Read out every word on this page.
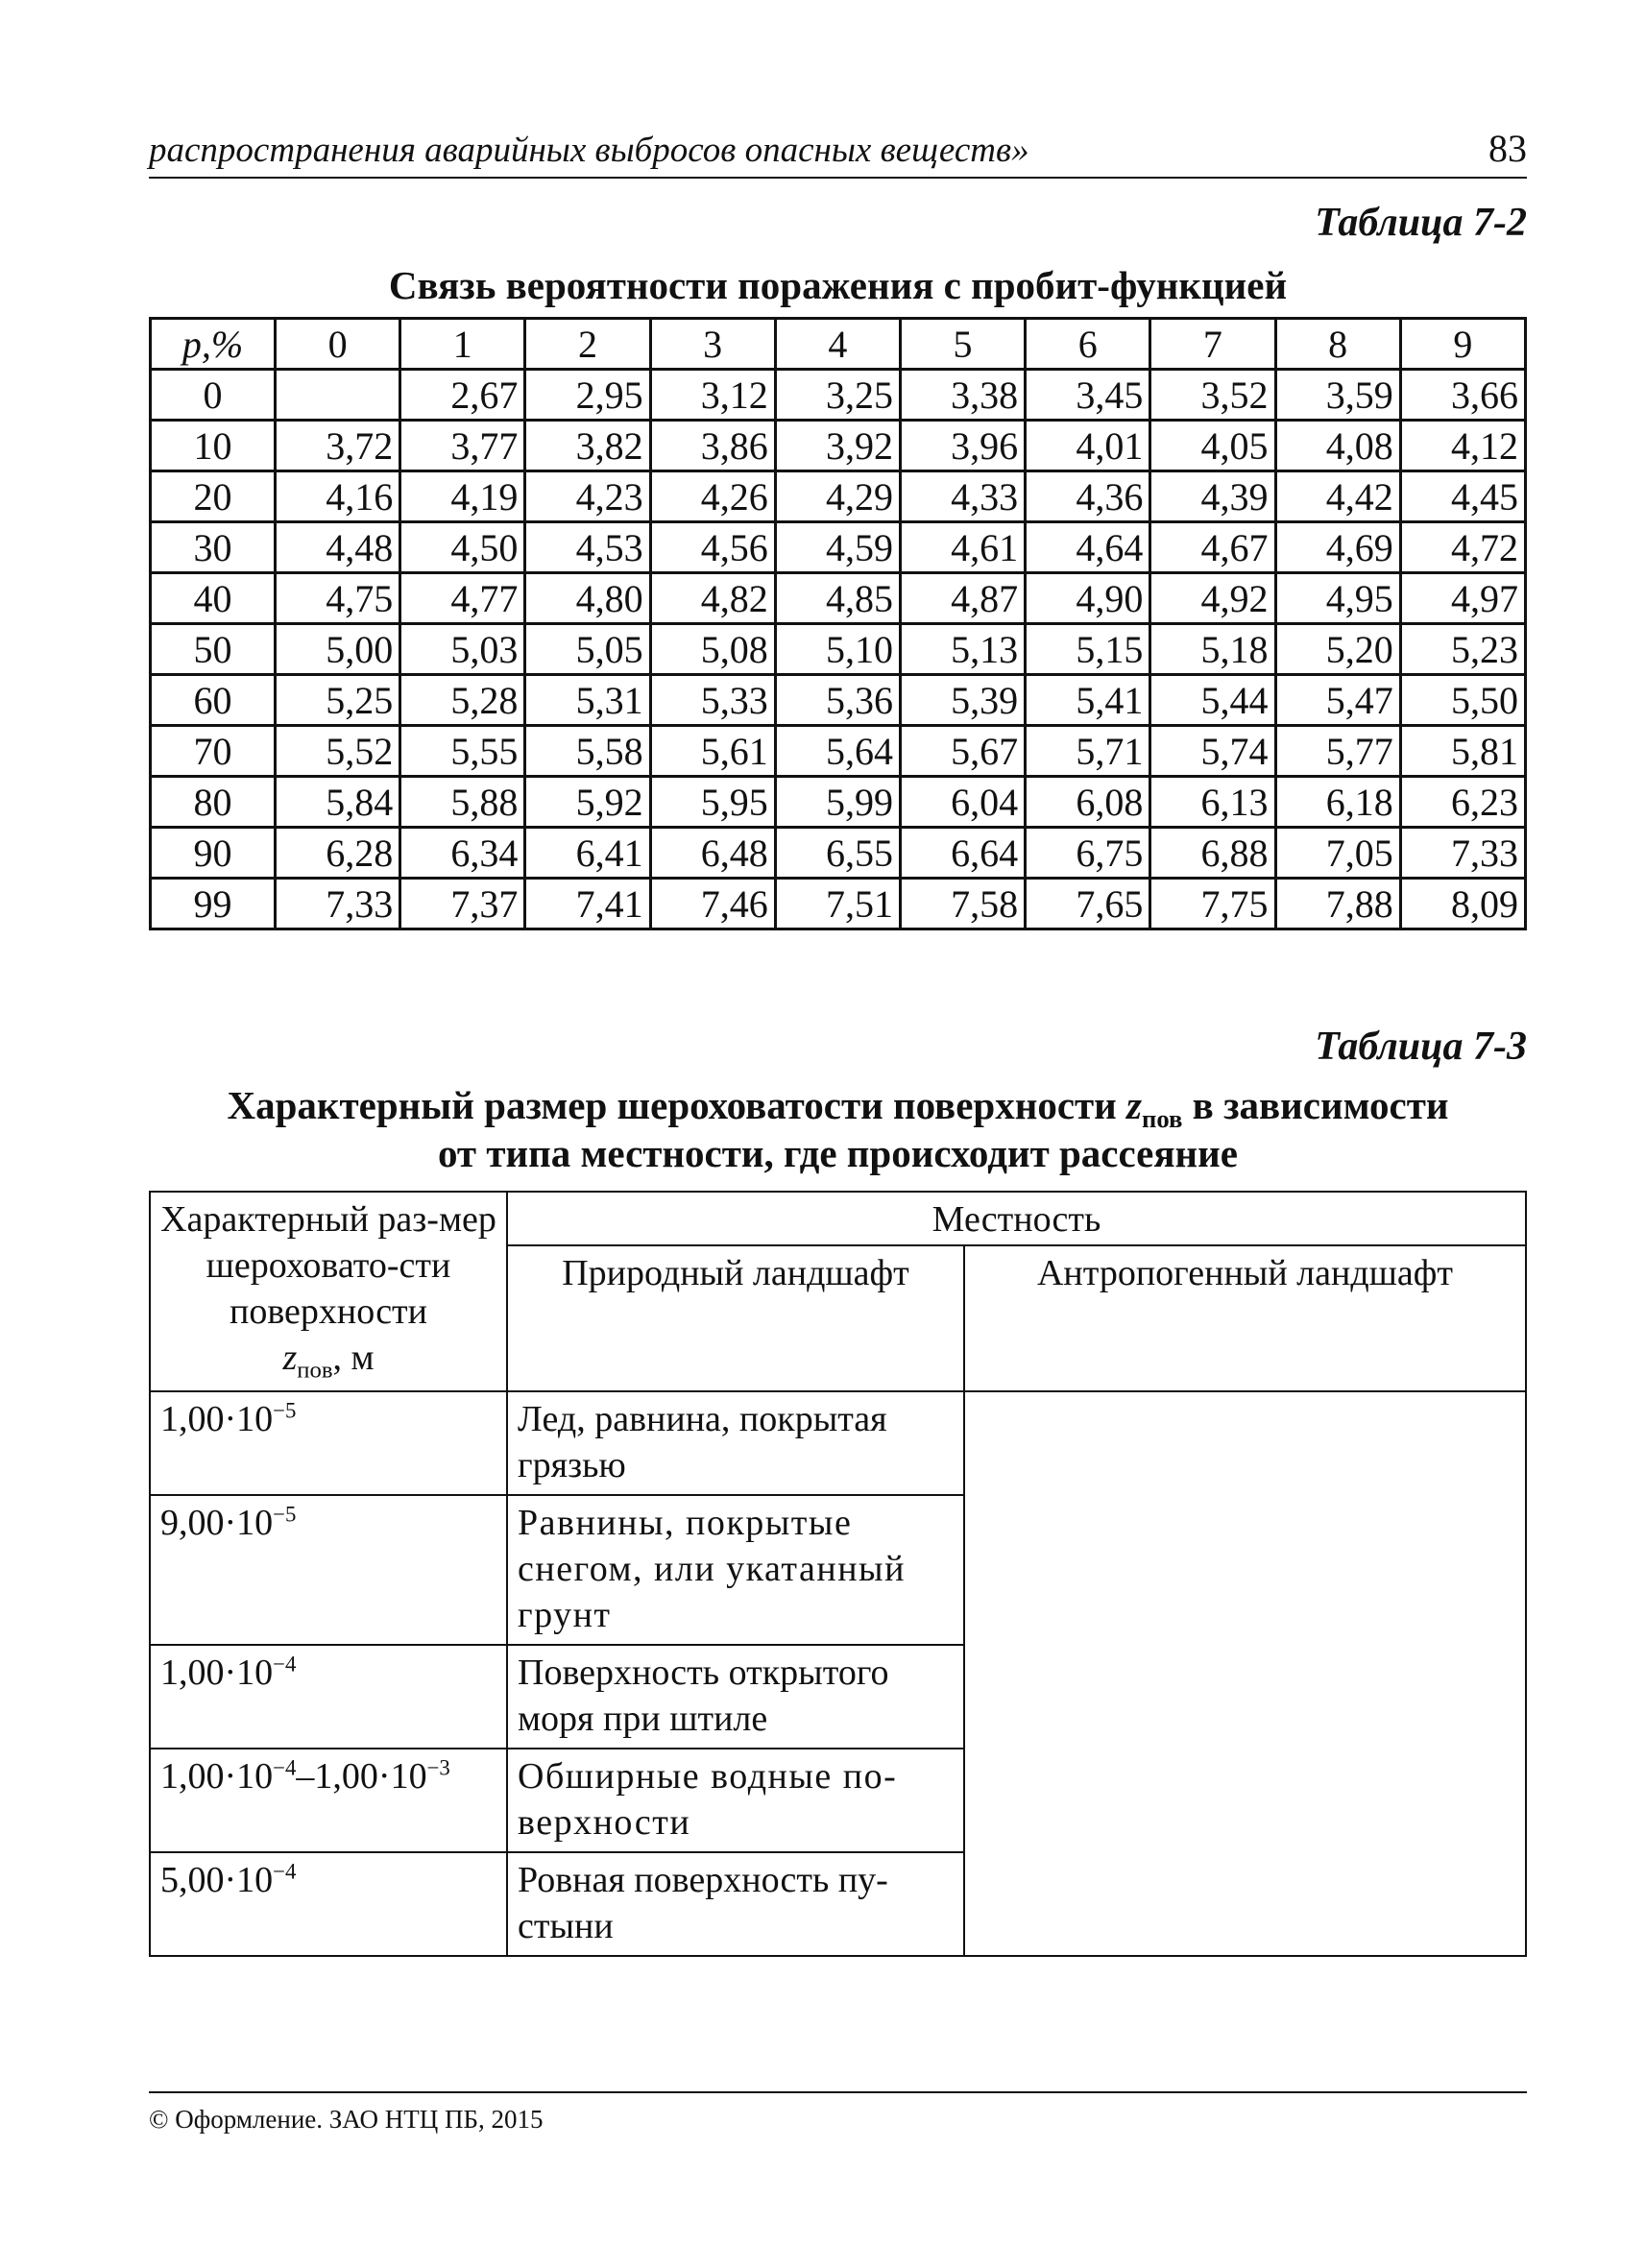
распространения аварийных выбросов опасных веществ»	83
Таблица 7-2
Связь вероятности поражения с пробит-функцией
р,%	0	1	2	3	4	5	6	7	8	9
0		2,67	2,95	3,12	3,25	3,38	3,45	3,52	3,59	3,66
10	3,72	3,77	3,82	3,86	3,92	3,96	4,01	4,05	4,08	4,12
20	4,16	4,19	4,23	4,26	4,29	4,33	4,36	4,39	4,42	4,45
30	4,48	4,50	4,53	4,56	4,59	4,61	4,64	4,67	4,69	4,72
40	4,75	4,77	4,80	4,82	4,85	4,87	4,90	4,92	4,95	4,97
50	5,00	5,03	5,05	5,08	5,10	5,13	5,15	5,18	5,20	5,23
60	5,25	5,28	5,31	5,33	5,36	5,39	5,41	5,44	5,47	5,50
70	5,52	5,55	5,58	5,61	5,64	5,67	5,71	5,74	5,77	5,81
80	5,84	5,88	5,92	5,95	5,99	6,04	6,08	6,13	6,18	6,23
90	6,28	6,34	6,41	6,48	6,55	6,64	6,75	6,88	7,05	7,33
99	7,33	7,37	7,41	7,46	7,51	7,58	7,65	7,75	7,88	8,09
Таблица 7-3
Характерный размер шероховатости поверхности $z_{пов}$ в зависимости
от типа местности, где происходит рассеяние
Характерный раз-мер шероховато-сти поверхности
$z_{пов}$, м	Местность	
	Природный ландшафт	Антропогенный ландшафт
$1,00\cdot 10^{-5}$	Лед, равнина, покрытая грязью	
$9,00\cdot 10^{-5}$	Равнины, покрытые снегом, или укатанный грунт	
$1,00\cdot 10^{-4}$	Поверхность открытого моря при штиле	
$1,00\cdot 10^{-4}-1,00\cdot 10^{-3}$	Обширные водные по-верхности	
$5,00\cdot 10^{-4}$	Ровная поверхность пу-стыни	
© Оформление. ЗАО НТЦ ПБ, 2015
